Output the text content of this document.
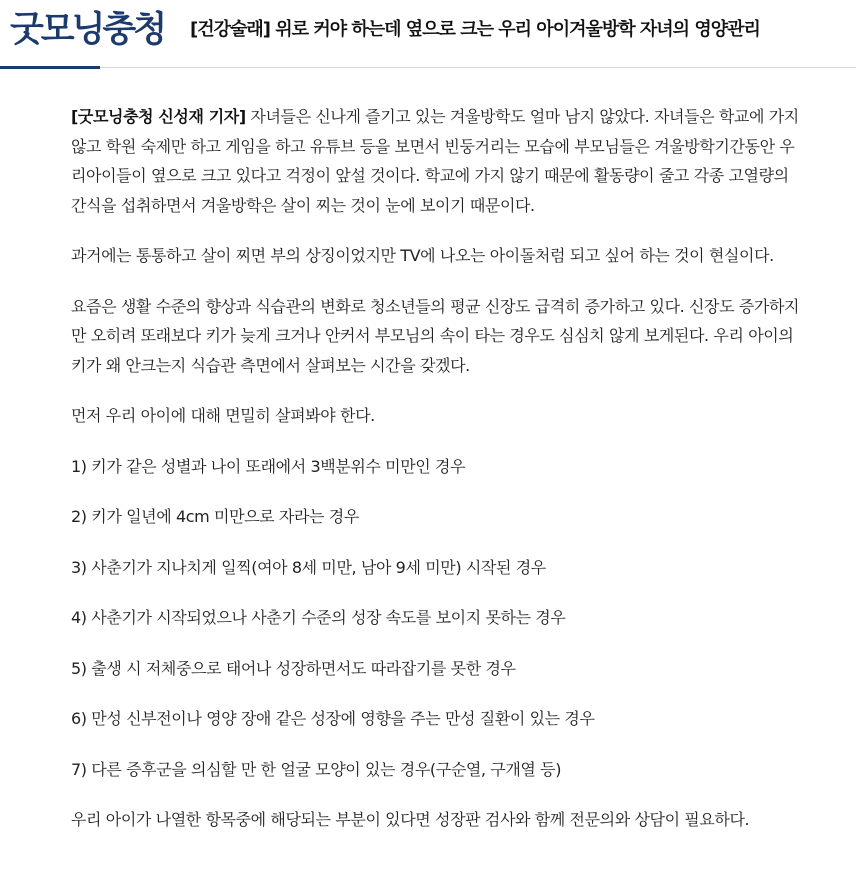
굿모닝충청 [건강술래] 위로 커야 하는데 옆으로 크는 우리 아이겨울방학 자녀의 영양관리

[굿모닝충청 신성재 기자] 자녀들은 신나게 즐기고 있는 겨울방학도 얼마 남지 않았다. 자녀들은 학교에 가지 않고 학원 숙제만 하고 게임을 하고 유튜브 등을 보면서 빈둥거리는 모습에 부모님들은 겨울방학기간동안 우리아이들이 옆으로 크고 있다고 걱정이 앞설 것이다. 학교에 가지 않기 때문에 활동량이 줄고 각종 고열량의 간식을 섭취하면서 겨울방학은 살이 찌는 것이 눈에 보이기 때문이다.

과거에는 통통하고 살이 찌면 부의 상징이었지만 TV에 나오는 아이돌처럼 되고 싶어 하는 것이 현실이다.

요즘은 생활 수준의 향상과 식습관의 변화로 청소년들의 평균 신장도 급격히 증가하고 있다. 신장도 증가하지만 오히려 또래보다 키가 늦게 크거나 안커서 부모님의 속이 타는 경우도 심심치 않게 보게된다. 우리 아이의 키가 왜 안크는지 식습관 측면에서 살펴보는 시간을 갖겠다.

먼저 우리 아이에 대해 면밀히 살펴봐야 한다.

1) 키가 같은 성별과 나이 또래에서 3백분위수 미만인 경우

2) 키가 일년에 4cm 미만으로 자라는 경우

3) 사춘기가 지나치게 일찍(여아 8세 미만, 남아 9세 미만) 시작된 경우

4) 사춘기가 시작되었으나 사춘기 수준의 성장 속도를 보이지 못하는 경우

5) 출생 시 저체중으로 태어나 성장하면서도 따라잡기를 못한 경우

6) 만성 신부전이나 영양 장애 같은 성장에 영향을 주는 만성 질환이 있는 경우

7) 다른 증후군을 의심할 만 한 얼굴 모양이 있는 경우(구순열, 구개열 등)

우리 아이가 나열한 항목중에 해당되는 부분이 있다면 성장판 검사와 함께 전문의와 상담이 필요하다.
